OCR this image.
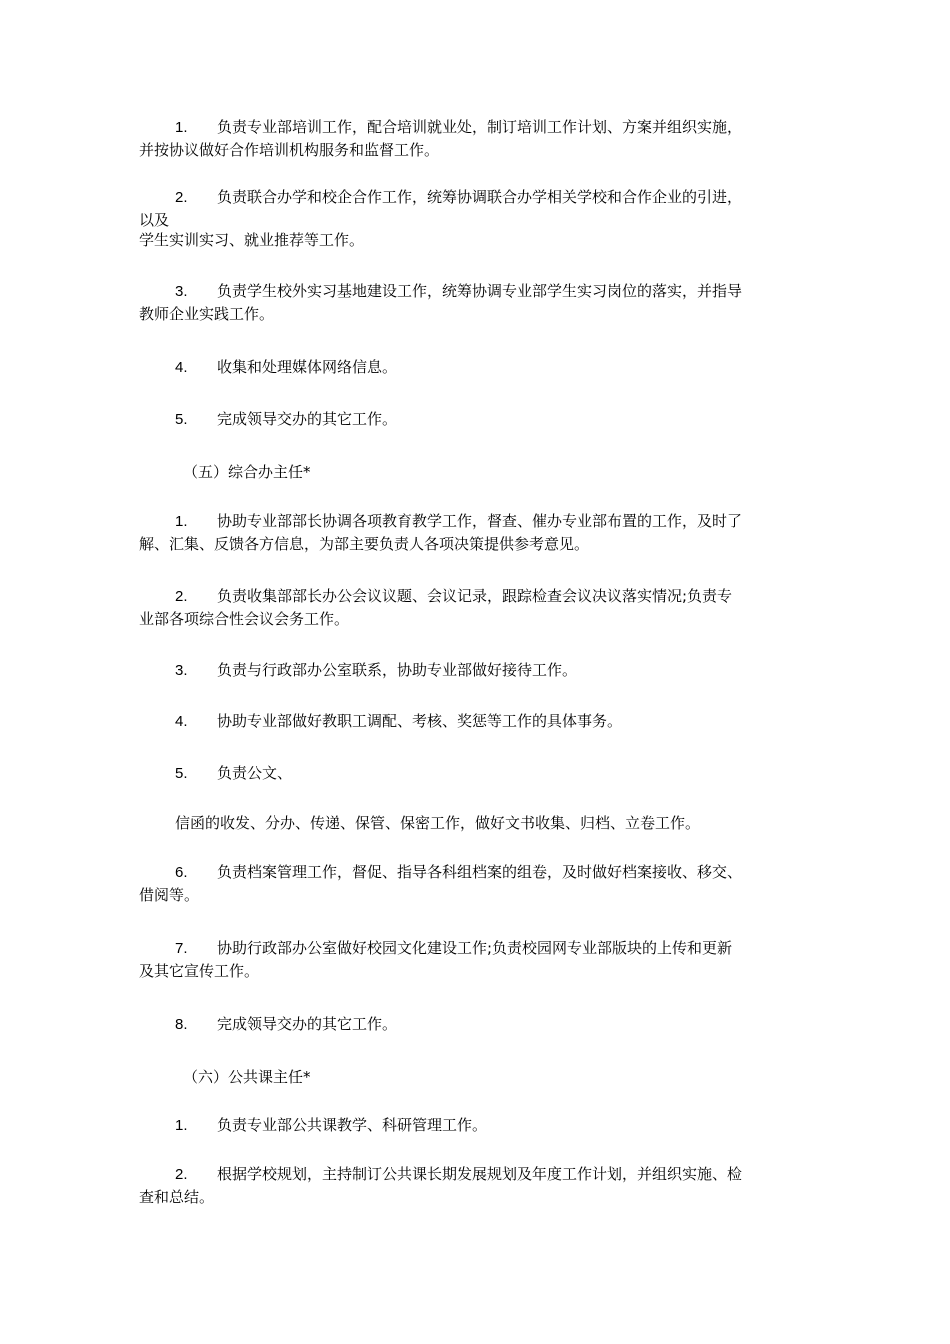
1. 负责专业部培训工作，配合培训就业处，制订培训工作计划、方案并组织实施，
并按协议做好合作培训机构服务和监督工作。
2. 负责联合办学和校企合作工作，统筹协调联合办学相关学校和合作企业的引进，
以及
学生实训实习、就业推荐等工作。
3. 负责学生校外实习基地建设工作，统筹协调专业部学生实习岗位的落实，并指导
教师企业实践工作。
4. 收集和处理媒体网络信息。
5. 完成领导交办的其它工作。
（五）综合办主任*
1. 协助专业部部长协调各项教育教学工作，督查、催办专业部布置的工作，及时了
解、汇集、反馈各方信息，为部主要负责人各项决策提供参考意见。
2. 负责收集部部长办公会议议题、会议记录，跟踪检查会议决议落实情况;负责专
业部各项综合性会议会务工作。
3. 负责与行政部办公室联系，协助专业部做好接待工作。
4. 协助专业部做好教职工调配、考核、奖惩等工作的具体事务。
5. 负责公文、
信函的收发、分办、传递、保管、保密工作，做好文书收集、归档、立卷工作。
6. 负责档案管理工作，督促、指导各科组档案的组卷，及时做好档案接收、移交、
借阅等。
7. 协助行政部办公室做好校园文化建设工作;负责校园网专业部版块的上传和更新
及其它宣传工作。
8. 完成领导交办的其它工作。
（六）公共课主任*
1. 负责专业部公共课教学、科研管理工作。
2. 根据学校规划，主持制订公共课长期发展规划及年度工作计划，并组织实施、检
查和总结。
